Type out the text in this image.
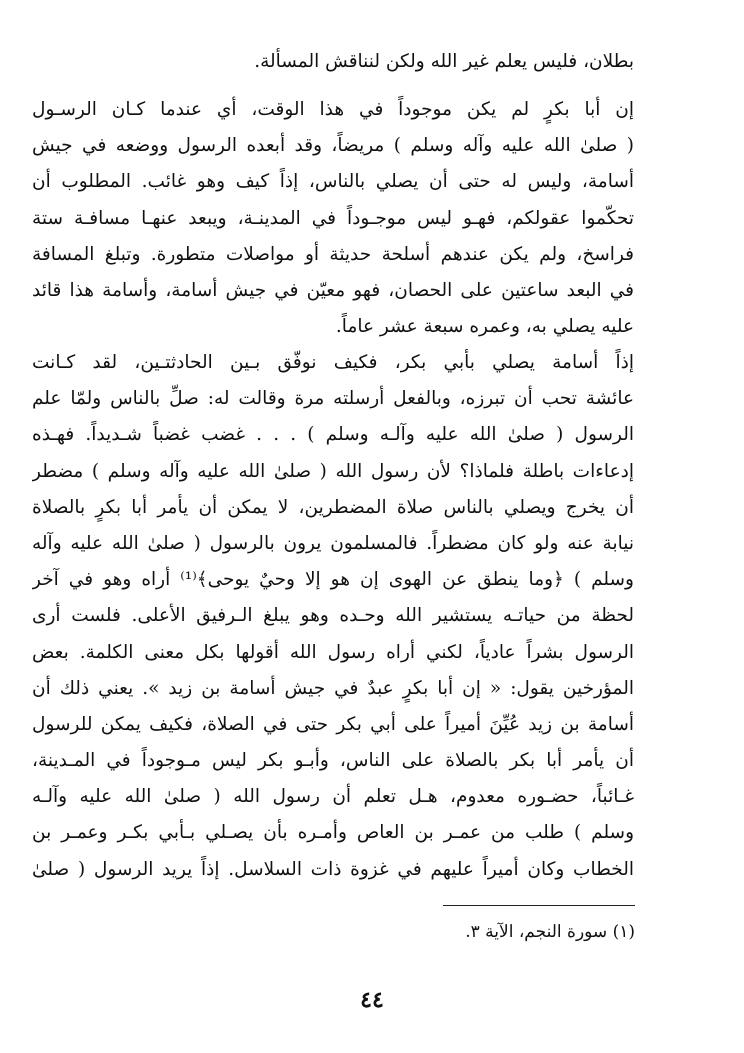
بطلان، فليس يعلم غير الله ولكن لنناقش المسألة.
إن أبا بكرٍ لم يكن موجوداً في هذا الوقت، أي عندما كـان الرسـول
( صلىٰ الله عليه وآله وسلم ) مريضاً، وقد أبعده الرسول ووضعه في جيش
أسامة، وليس له حتى أن يصلي بالناس، إذاً كيف وهو غائب. المطلوب أن
تحكّموا عقولكم، فهـو ليس موجـوداً في المدينـة، ويبعد عنهـا مسافـة ستة
فراسخ، ولم يكن عندهم أسلحة حديثة أو مواصلات متطورة. وتبلغ المسافة
في البعد ساعتين على الحصان، فهو معيّن في جيش أسامة، وأسامة هذا قائد
عليه يصلي به، وعمره سبعة عشر عاماً.
إذاً أسامة يصلي بأبي بكر، فكيف نوفّق بـين الحادثتـين، لقد كـانت
عائشة تحب أن تبرزه، وبالفعل أرسلته مرة وقالت له: صلِّ بالناس ولمّا علم
الرسول ( صلىٰ الله عليه وآلـه وسلم ) . . . غضب غضباً شـديداً. فهـذه
إدعاءات باطلة فلماذا؟ لأن رسول الله ( صلىٰ الله عليه وآله وسلم ) مضطر
أن يخرج ويصلي بالناس صلاة المضطرين، لا يمكن أن يأمر أبا بكرٍ بالصلاة
نيابة عنه ولو كان مضطراً. فالمسلمون يرون بالرسول ( صلىٰ الله عليه وآله
وسلم ) ﴿وما ينطق عن الهوى إن هو إلا وحيٌ يوحى﴾⁽¹⁾ أراه وهو في آخر
لحظة من حياتـه يستشير الله وحـده وهو يبلغ الـرفيق الأعلى. فلست أرى
الرسول بشراً عادياً، لكني أراه رسول الله أقولها بكل معنى الكلمة. بعض
المؤرخين يقول: « إن أبا بكرٍ عبدٌ في جيش أسامة بن زيد ». يعني ذلك أن
أسامة بن زيد عُيِّنَ أميراً على أبي بكر حتى في الصلاة، فكيف يمكن للرسول
أن يأمر أبا بكر بالصلاة على الناس، وأبـو بكر ليس مـوجوداً في المـدينة،
غـائباً، حضـوره معدوم، هـل تعلم أن رسول الله ( صلىٰ الله عليه وآلـه
وسلم ) طلب من عمـر بن العاص وأمـره بأن يصـلي بـأبي بكـر وعمـر بن
الخطاب وكان أميراً عليهم في غزوة ذات السلاسل. إذاً يريد الرسول ( صلىٰ
(١) سورة النجم، الآية ٣.
٤٤
